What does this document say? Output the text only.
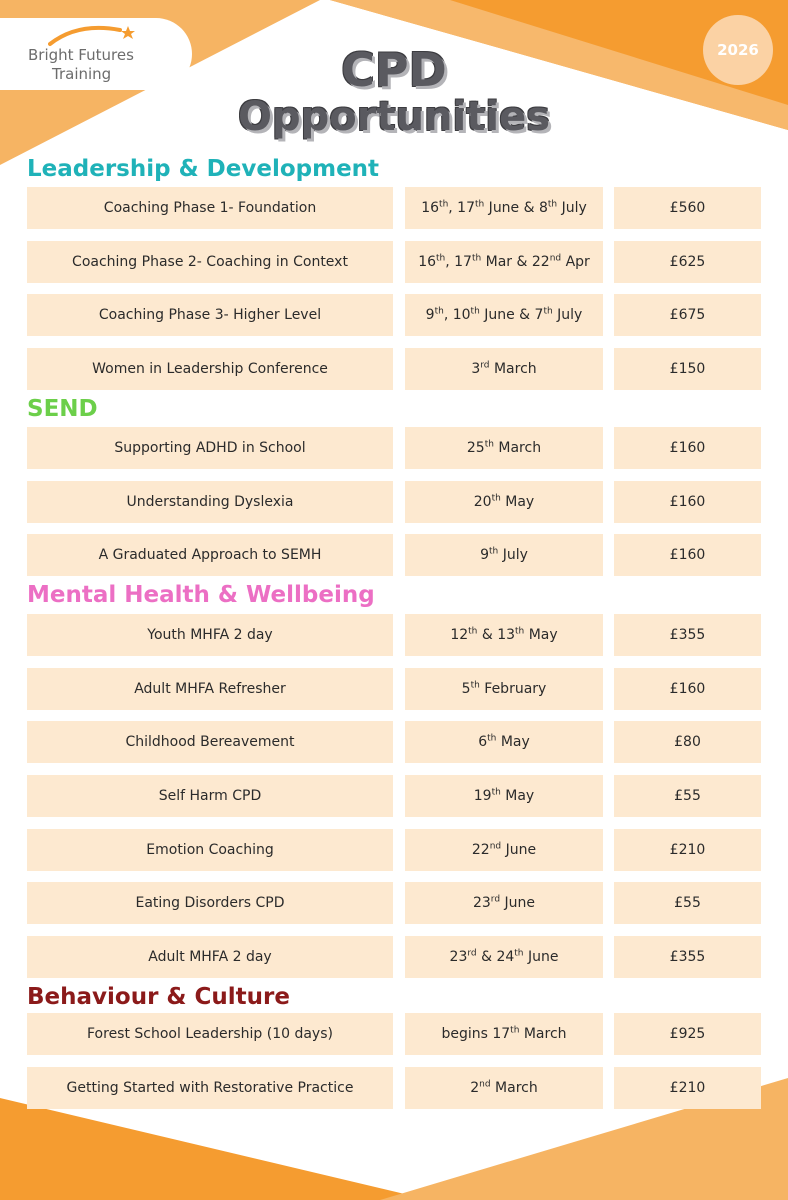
Bright Futures
Training
2026
CPD
Opportunities
Leadership & Development
Coaching Phase 1- Foundation	16th, 17th June & 8th July	£560
Coaching Phase 2- Coaching in Context	16th, 17th Mar & 22nd Apr	£625
Coaching Phase 3- Higher Level	9th, 10th June & 7th July	£675
Women in Leadership Conference	3rd March	£150
SEND
Supporting ADHD in School	25th March	£160
Understanding Dyslexia	20th May	£160
A Graduated Approach to SEMH	9th July	£160
Mental Health & Wellbeing
Youth MHFA 2 day	12th & 13th May	£355
Adult MHFA Refresher	5th February	£160
Childhood Bereavement	6th May	£80
Self Harm CPD	19th May	£55
Emotion Coaching	22nd June	£210
Eating Disorders CPD	23rd June	£55
Adult MHFA 2 day	23rd & 24th June	£355
Behaviour & Culture
Forest School Leadership (10 days)	begins 17th March	£925
Getting Started with Restorative Practice	2nd March	£210
